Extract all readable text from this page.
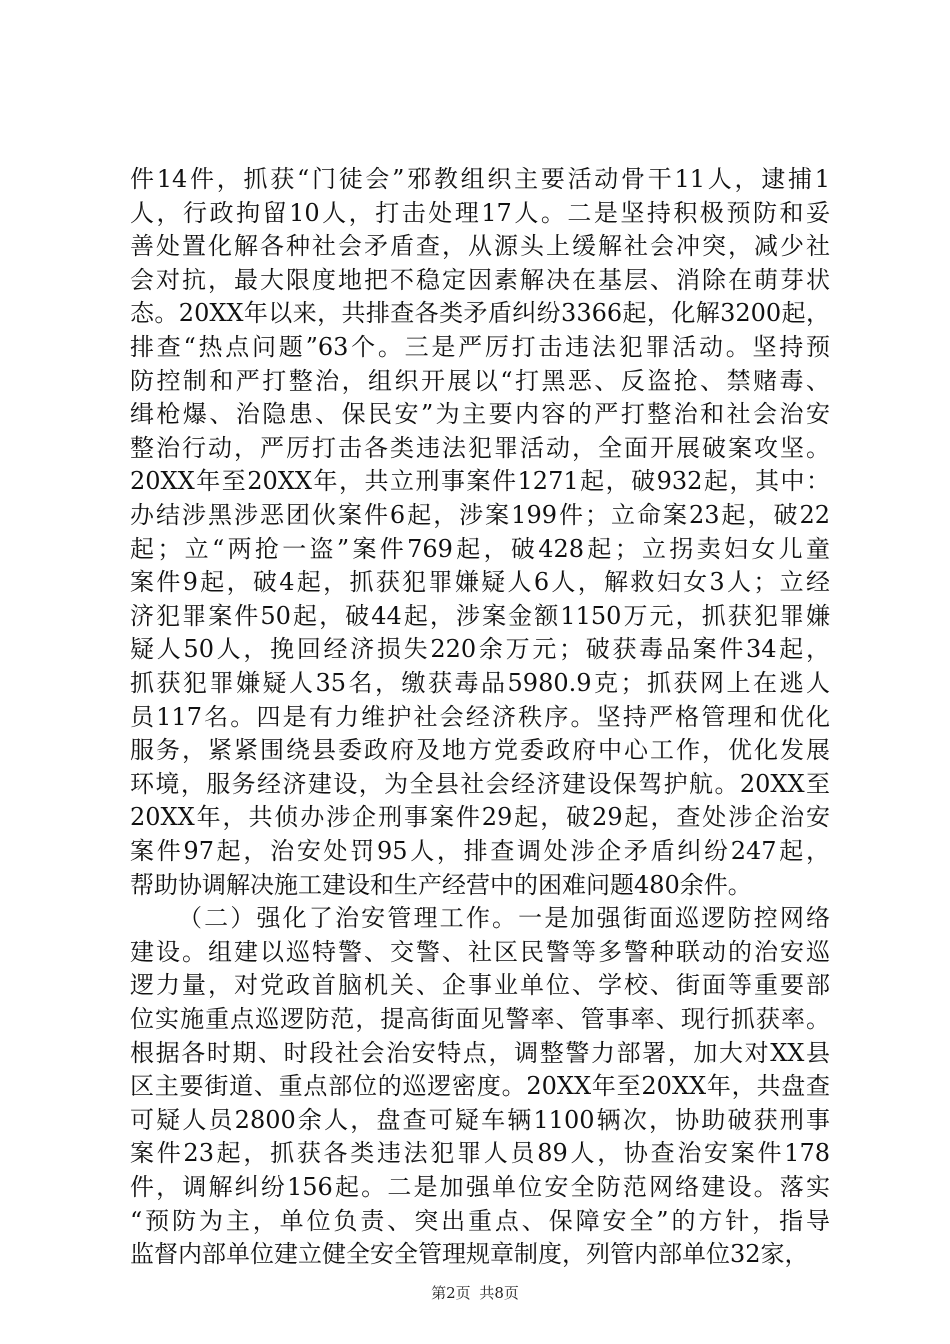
件14件，抓获“门徒会”邪教组织主要活动骨干11人，逮捕1
人，行政拘留10人，打击处理17人。二是坚持积极预防和妥
善处置化解各种社会矛盾查，从源头上缓解社会冲突，减少社
会对抗，最大限度地把不稳定因素解决在基层、消除在萌芽状
态。20XX年以来，共排查各类矛盾纠纷3366起，化解3200起，
排查“热点问题”63个。三是严厉打击违法犯罪活动。坚持预
防控制和严打整治，组织开展以“打黑恶、反盗抢、禁赌毒、
缉枪爆、治隐患、保民安”为主要内容的严打整治和社会治安
整治行动，严厉打击各类违法犯罪活动，全面开展破案攻坚。
20XX年至20XX年，共立刑事案件1271起，破932起，其中：
办结涉黑涉恶团伙案件6起，涉案199件；立命案23起，破22
起；立“两抢一盗”案件769起，破428起；立拐卖妇女儿童
案件9起，破4起，抓获犯罪嫌疑人6人，解救妇女3人；立经
济犯罪案件50起，破44起，涉案金额1150万元，抓获犯罪嫌
疑人50人，挽回经济损失220余万元；破获毒品案件34起，
抓获犯罪嫌疑人35名，缴获毒品5980.9克；抓获网上在逃人
员117名。四是有力维护社会经济秩序。坚持严格管理和优化
服务，紧紧围绕县委政府及地方党委政府中心工作，优化发展
环境，服务经济建设，为全县社会经济建设保驾护航。20XX至
20XX年，共侦办涉企刑事案件29起，破29起，查处涉企治安
案件97起，治安处罚95人，排查调处涉企矛盾纠纷247起，
帮助协调解决施工建设和生产经营中的困难问题480余件。
（二）强化了治安管理工作。一是加强街面巡逻防控网络
建设。组建以巡特警、交警、社区民警等多警种联动的治安巡
逻力量，对党政首脑机关、企事业单位、学校、街面等重要部
位实施重点巡逻防范，提高街面见警率、管事率、现行抓获率。
根据各时期、时段社会治安特点，调整警力部署，加大对XX县
区主要街道、重点部位的巡逻密度。20XX年至20XX年，共盘查
可疑人员2800余人，盘查可疑车辆1100辆次，协助破获刑事
案件23起，抓获各类违法犯罪人员89人，协查治安案件178
件，调解纠纷156起。二是加强单位安全防范网络建设。落实
“预防为主，单位负责、突出重点、保障安全”的方针，指导
监督内部单位建立健全安全管理规章制度，列管内部单位32家，
第2页 共8页
